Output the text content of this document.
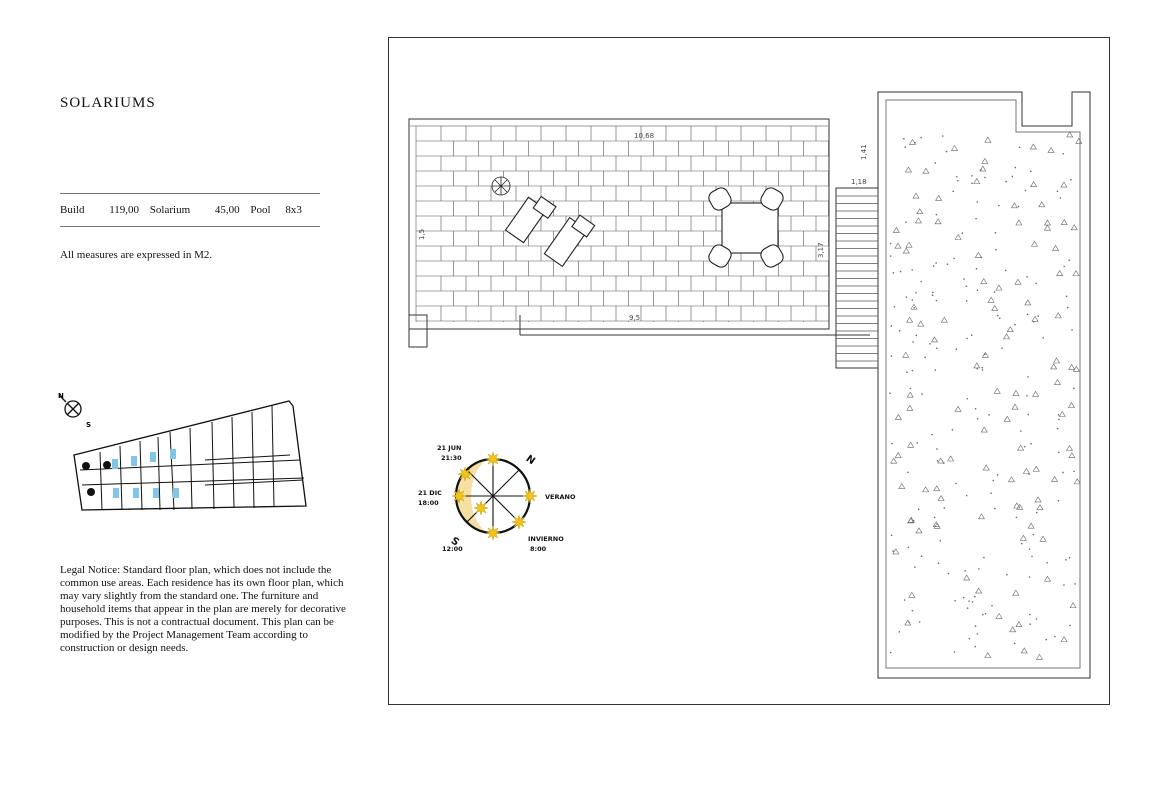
SOLARIUMS
Build 119,00 Solarium 45,00 Pool 8x3
All measures are expressed in M2.

Legal Notice: Standard floor plan, which does not include the common use areas. Each residence has its own floor plan, which may vary slightly from the standard one. The furniture and household items that appear in the plan are merely for decorative purposes. This is not a contractual document. This plan can be modified by the Project Management Team according to construction or design needs.

10,68
9,5
1,5
3,17
1,41
1,18
N
S
21 JUN
21:30
21 DIC
18:00
12:00
VERANO
INVIERNO
8:00
N
S
